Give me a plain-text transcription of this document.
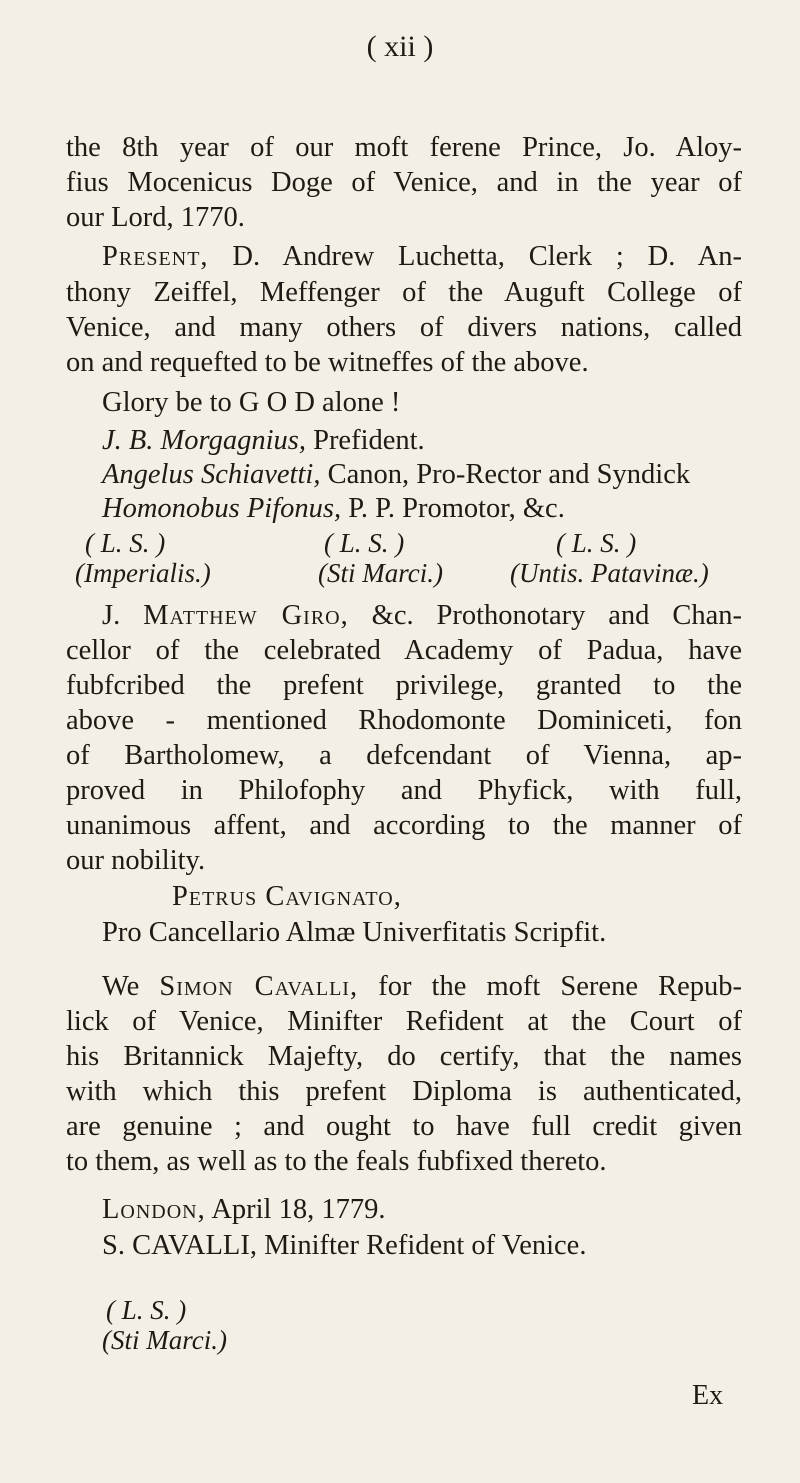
( xii )
the 8th year of our moft ferene Prince, Jo. Aloy-
fius Mocenicus Doge of Venice, and in the year of
our Lord, 1770.
Present, D. Andrew Luchetta, Clerk ; D. An-
thony Zeiffel, Meffenger of the Auguft College of
Venice, and many others of divers nations, called
on and requefted to be witneffes of the above.
Glory be to G O D alone !
J. B. Morgagnius, Prefident.
Angelus Schiavetti, Canon, Pro-Rector and Syndick
Homonobus Pifonus, P. P. Promotor, &c.
( L. S. )
(Imperialis.)
( L. S. )
(Sti Marci.)
( L. S. )
(Untis. Patavinæ.)
J. Matthew Giro, &c. Prothonotary and Chan-
cellor of the celebrated Academy of Padua, have
fubfcribed the prefent privilege, granted to the
above - mentioned Rhodomonte Dominiceti, fon
of Bartholomew, a defcendant of Vienna, ap-
proved in Philofophy and Phyfick, with full,
unanimous affent, and according to the manner of
our nobility.
Petrus Cavignato,
Pro Cancellario Almæ Univerfitatis Scripfit.
We Simon Cavalli, for the moft Serene Repub-
lick of Venice, Minifter Refident at the Court of
his Britannick Majefty, do certify, that the names
with which this prefent Diploma is authenticated,
are genuine ; and ought to have full credit given
to them, as well as to the feals fubfixed thereto.
London, April 18, 1779.
S. CAVALLI, Minifter Refident of Venice.
( L. S. )
(Sti Marci.)
Ex
